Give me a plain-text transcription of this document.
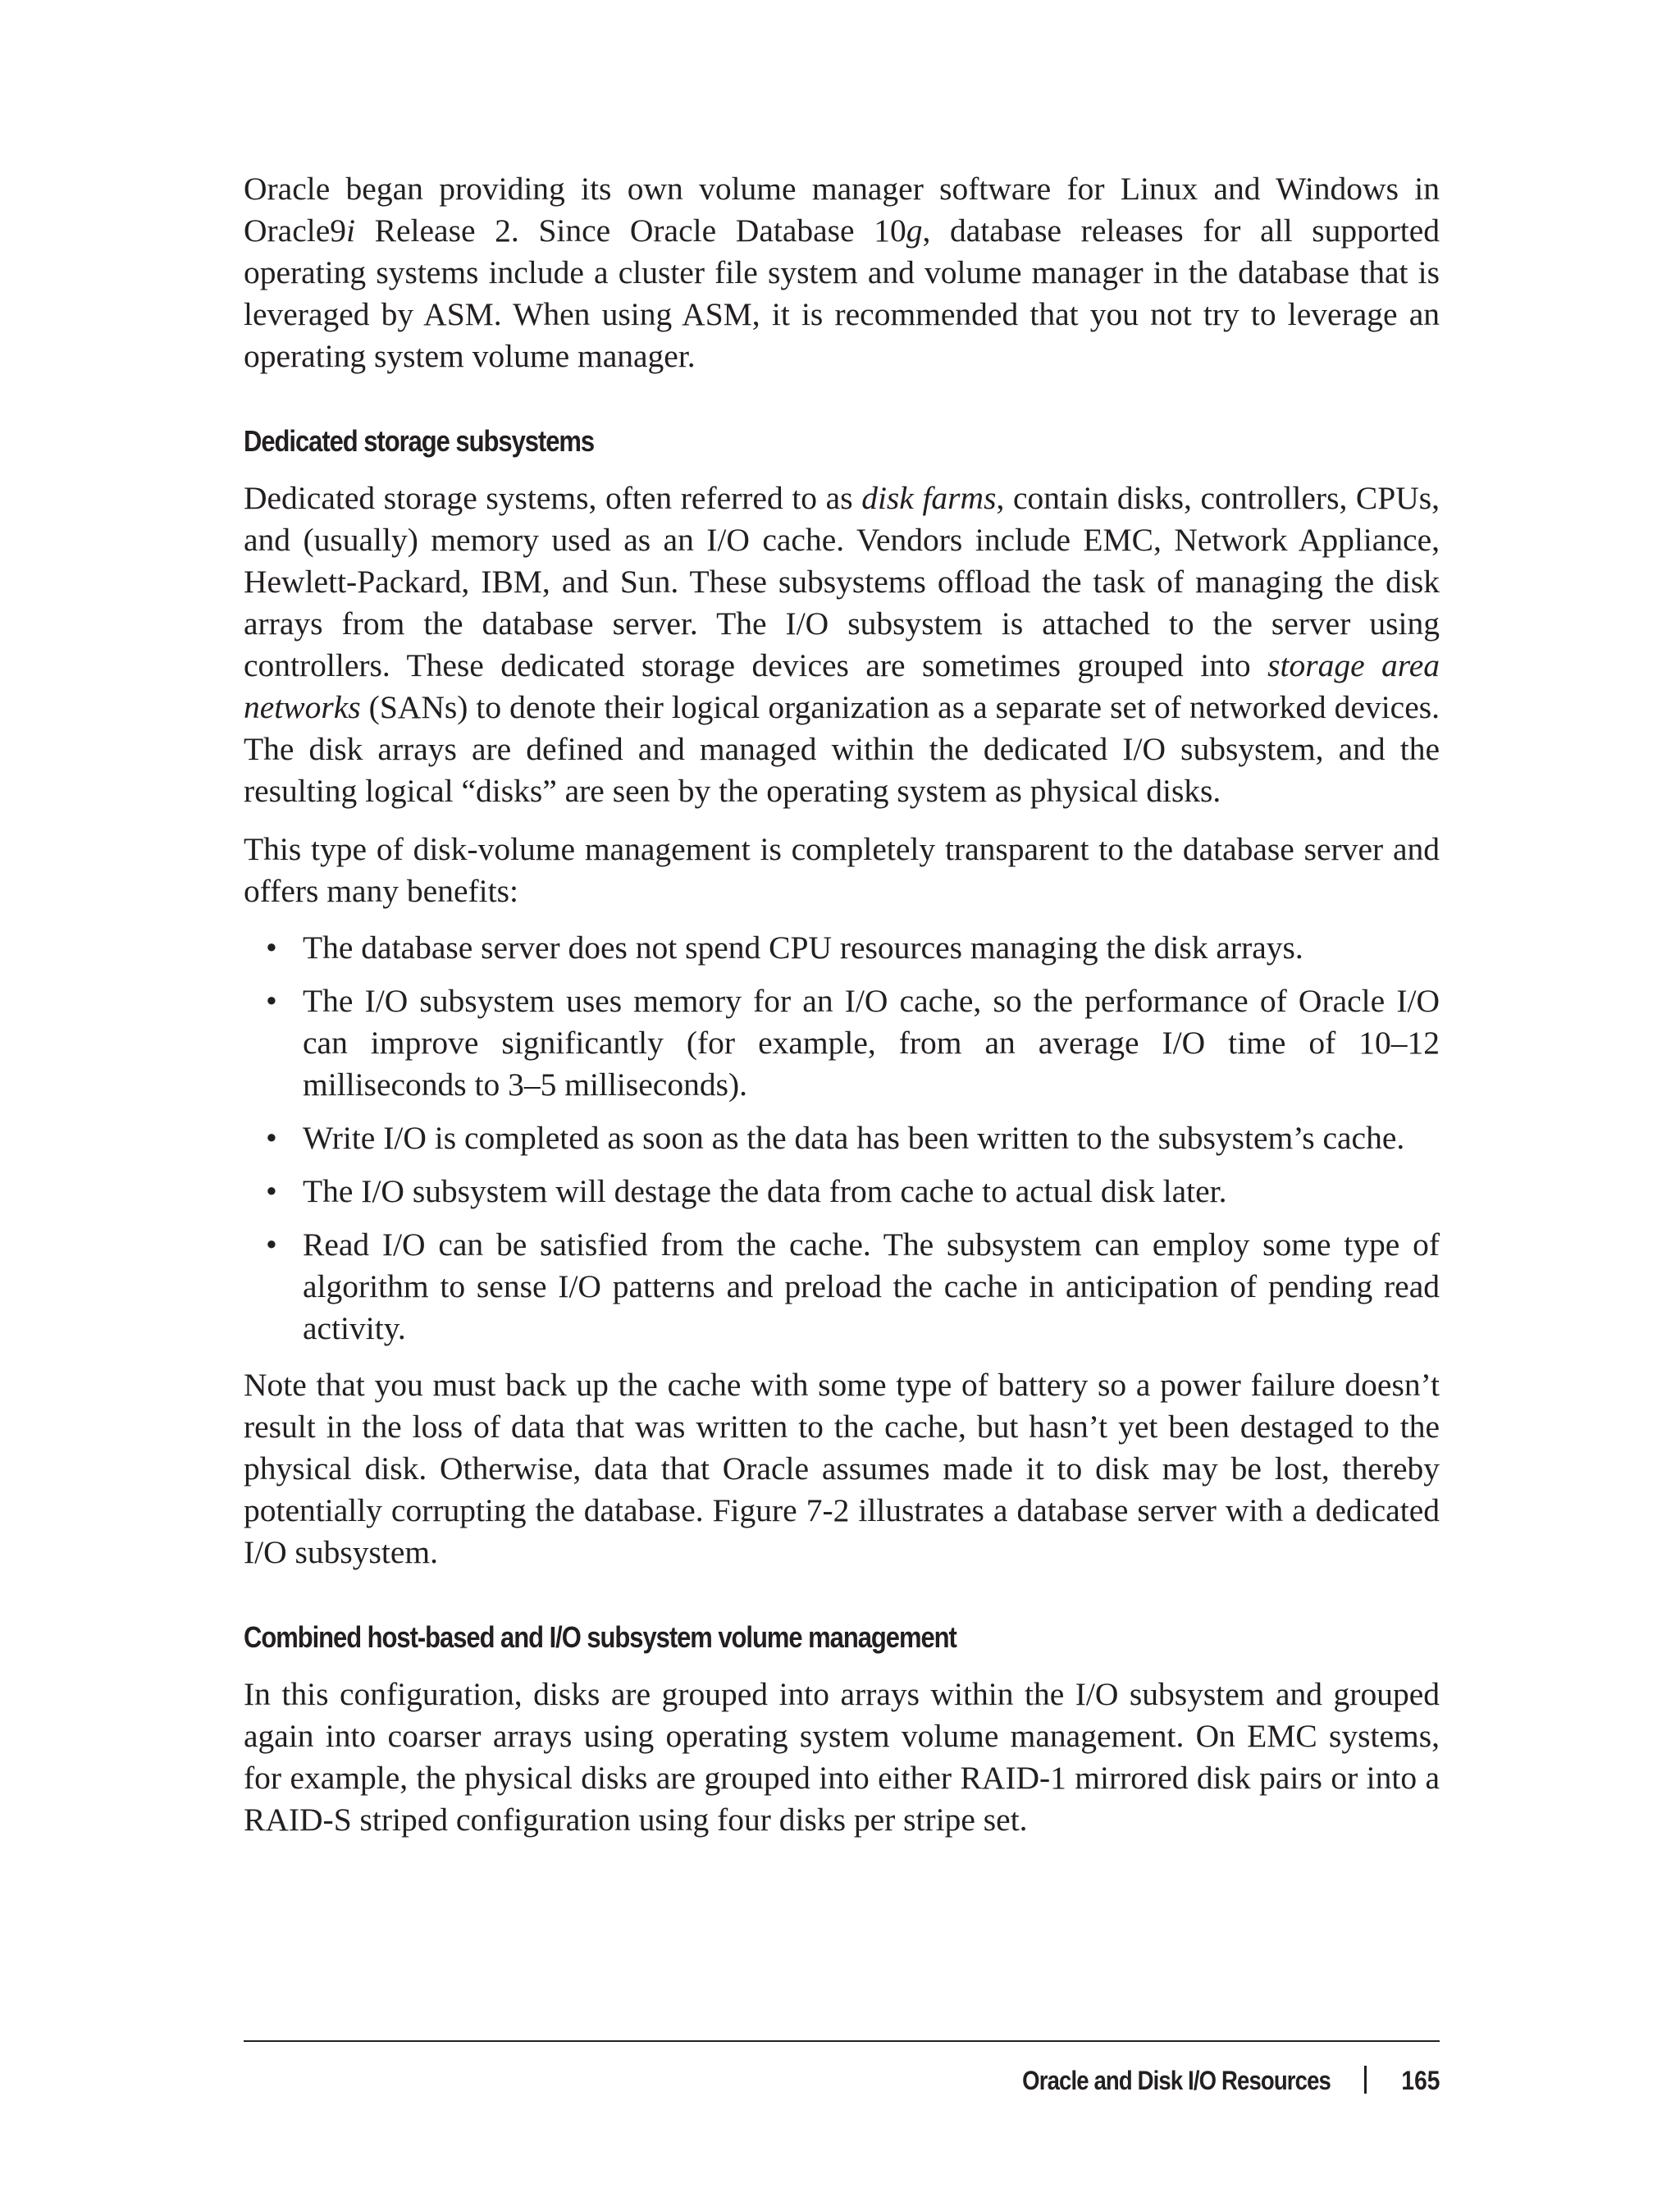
Oracle began providing its own volume manager software for Linux and Windows in Oracle9i Release 2. Since Oracle Database 10g, database releases for all supported operating systems include a cluster file system and volume manager in the database that is leveraged by ASM. When using ASM, it is recommended that you not try to leverage an operating system volume manager.

Dedicated storage subsystems

Dedicated storage systems, often referred to as disk farms, contain disks, controllers, CPUs, and (usually) memory used as an I/O cache. Vendors include EMC, Network Appliance, Hewlett-Packard, IBM, and Sun. These subsystems offload the task of managing the disk arrays from the database server. The I/O subsystem is attached to the server using controllers. These dedicated storage devices are sometimes grouped into storage area networks (SANs) to denote their logical organization as a separate set of networked devices. The disk arrays are defined and managed within the dedicated I/O subsystem, and the resulting logical “disks” are seen by the operating system as physical disks.

This type of disk-volume management is completely transparent to the database server and offers many benefits:

• The database server does not spend CPU resources managing the disk arrays.
• The I/O subsystem uses memory for an I/O cache, so the performance of Oracle I/O can improve significantly (for example, from an average I/O time of 10–12 milliseconds to 3–5 milliseconds).
• Write I/O is completed as soon as the data has been written to the subsystem’s cache.
• The I/O subsystem will destage the data from cache to actual disk later.
• Read I/O can be satisfied from the cache. The subsystem can employ some type of algorithm to sense I/O patterns and preload the cache in anticipation of pending read activity.

Note that you must back up the cache with some type of battery so a power failure doesn’t result in the loss of data that was written to the cache, but hasn’t yet been destaged to the physical disk. Otherwise, data that Oracle assumes made it to disk may be lost, thereby potentially corrupting the database. Figure 7-2 illustrates a database server with a dedicated I/O subsystem.

Combined host-based and I/O subsystem volume management

In this configuration, disks are grouped into arrays within the I/O subsystem and grouped again into coarser arrays using operating system volume management. On EMC systems, for example, the physical disks are grouped into either RAID-1 mirrored disk pairs or into a RAID-S striped configuration using four disks per stripe set.

Oracle and Disk I/O Resources	165
